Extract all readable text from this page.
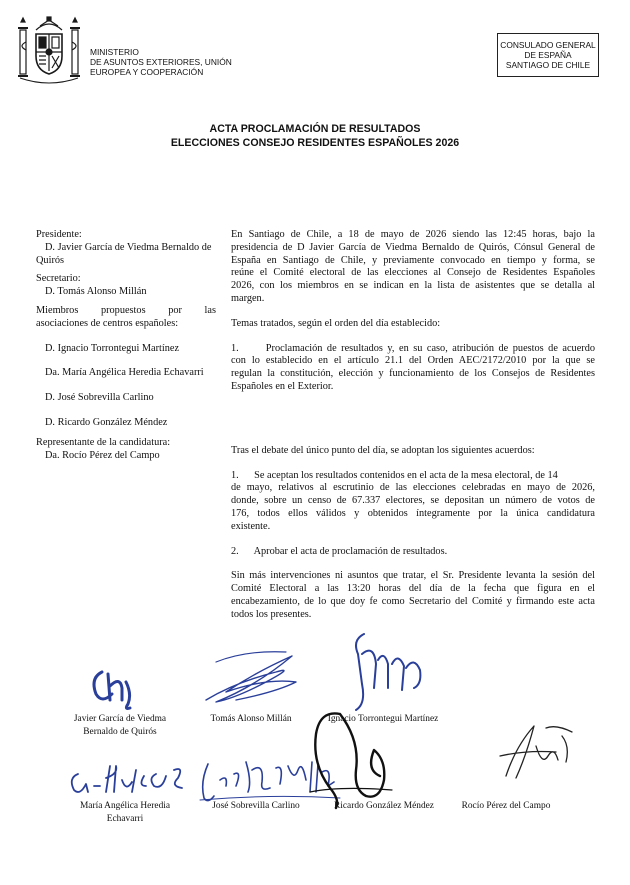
MINISTERIO
DE ASUNTOS EXTERIORES, UNIÓN
EUROPEA Y COOPERACIÓN
CONSULADO GENERAL
DE ESPAÑA
SANTIAGO DE CHILE
ACTA PROCLAMACIÓN DE RESULTADOS
ELECCIONES CONSEJO RESIDENTES ESPAÑOLES 2026

Presidente:

D. Javier García de Viedma Bernaldo de

Quirós

Secretario:

D. Tomás Alonso Millán

Miembros propuestos por las

asociaciones de centros españoles:

D. Ignacio Torrontegui Martínez

Da. María Angélica Heredia Echavarri

D. José Sobrevilla Carlino

D. Ricardo González Méndez

Representante de la candidatura:

Da. Rocío Pérez del Campo

En Santiago de Chile, a 18 de mayo de 2026 siendo las 12:45 horas, bajo la

presidencia de D Javier García de Viedma Bernaldo de Quirós, Cónsul General de

España en Santiago de Chile, y previamente convocado en tiempo y forma, se

reúne el Comité electoral de las elecciones al Consejo de Residentes Españoles

2026, con los miembros en se indican en la lista de asistentes que se detalla al

margen.

Temas tratados, según el orden del día establecido:

1.      Proclamación de resultados y, en su caso, atribución de puestos de acuerdo

con lo establecido en el artículo 21.1 del Orden AEC/2172/2010 por la que se

regulan la constitución, elección y funcionamiento de los Consejos de Residentes

Españoles en el Exterior.

Tras el debate del único punto del día, se adoptan los siguientes acuerdos:

1.      Se aceptan los resultados contenidos en el acta de la mesa electoral, de 14

de mayo, relativos al escrutinio de las elecciones celebradas en mayo de 2026,

donde, sobre un censo de 67.337 electores, se depositan un número de votos de

176, todos ellos válidos y obtenidos íntegramente por la única candidatura

existente.

2.      Aprobar el acta de proclamación de resultados.

Sin más intervenciones ni asuntos que tratar, el Sr. Presidente levanta la sesión del

Comité Electoral a las 13:20 horas del día de la fecha que figura en el

encabezamiento, de lo que doy fe como Secretario del Comité y firmando este acta

todos los presentes.

Javier García de Viedma
Bernaldo de Quirós
Tomás Alonso Millán	Ignacio Torrontegui Martínez
María Angélica Heredia
Echavarri
José Sobrevilla Carlino	Ricardo González Méndez	Rocío Pérez del Campo
